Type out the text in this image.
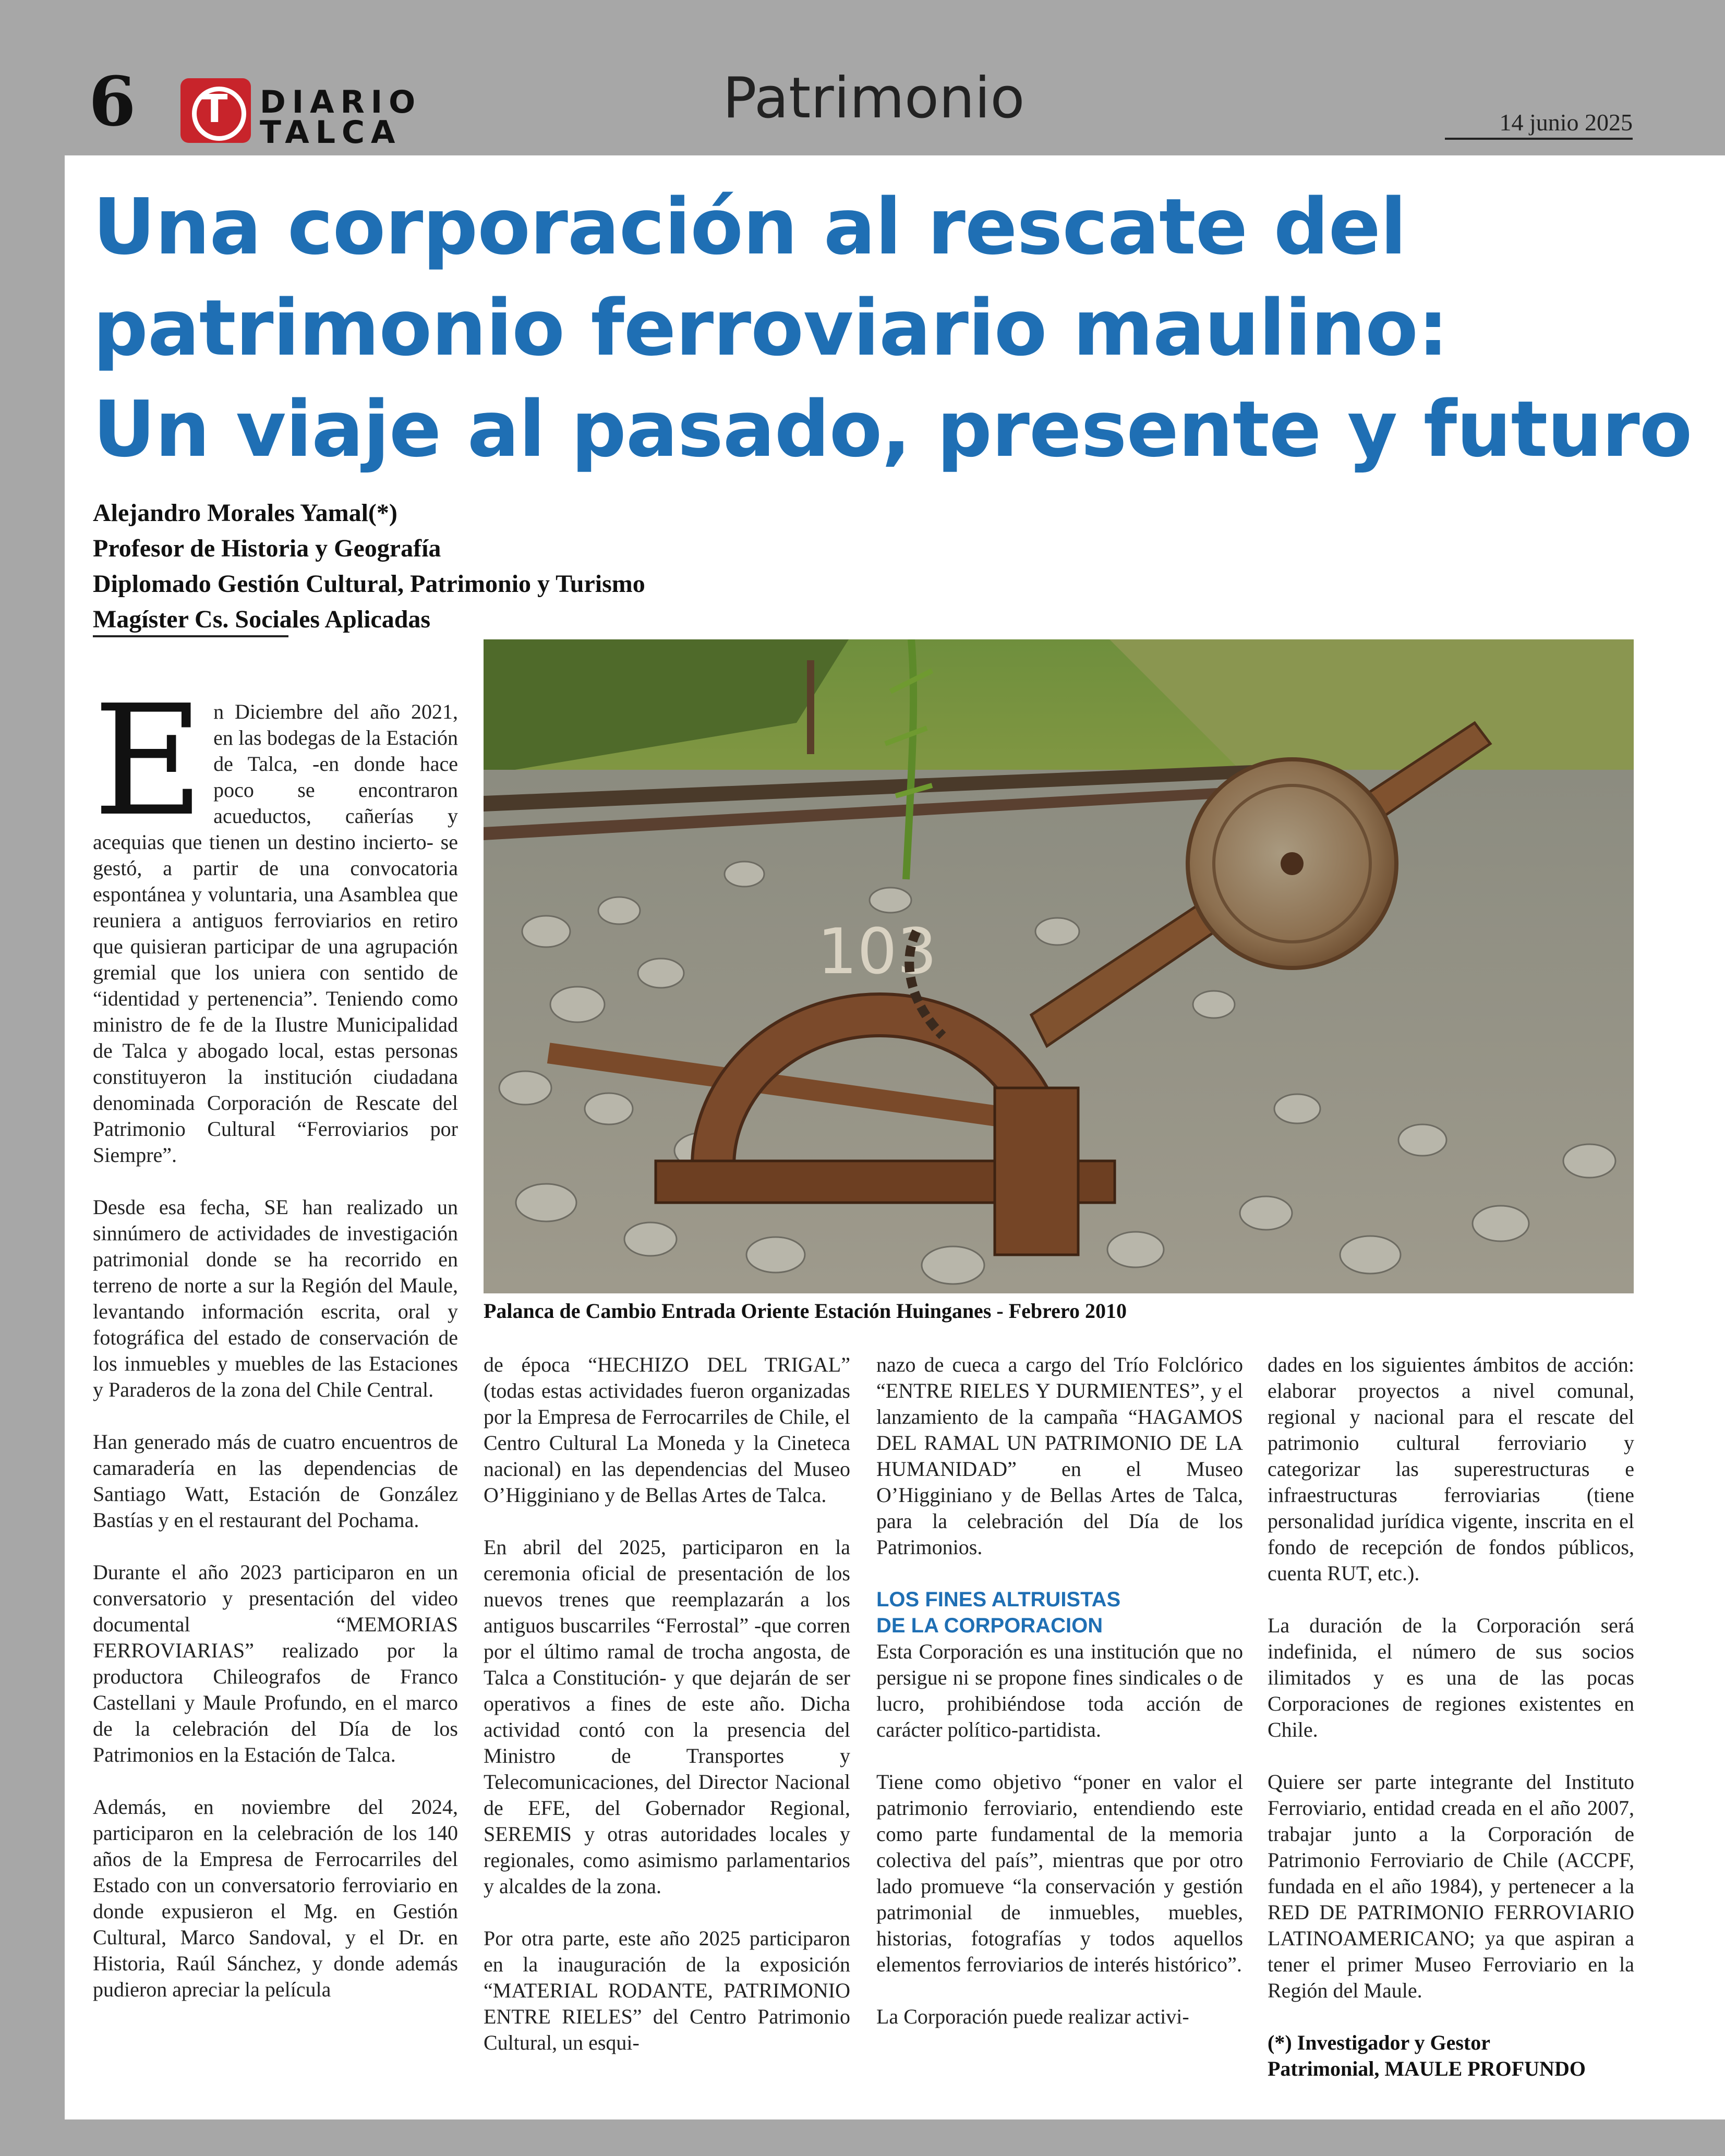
6 T DIARIO
TALCA
Patrimonio	14 junio 2025
Una corporación al rescate del
patrimonio ferroviario maulino:
Un viaje al pasado, presente y futuro
Alejandro Morales Yamal(*)
Profesor de Historia y Geografía
Diplomado Gestión Cultural, Patrimonio y Turismo
Magíster Cs. Sociales Aplicadas
103
Palanca de Cambio Entrada Oriente Estación Huinganes - Febrero 2010

En Diciembre del año 2021, en las bodegas de la Estación de Talca, -en donde hace poco se encontraron acueductos, cañerías y acequias que tienen un destino incierto- se gestó, a partir de una convocatoria espontánea y voluntaria, una Asamblea que reuniera a antiguos ferroviarios en retiro que quisieran participar de una agrupación gremial que los uniera con sentido de “identidad y pertenencia”. Teniendo como ministro de fe de la Ilustre Municipalidad de Talca y abogado local, estas personas constituyeron la institución ciudadana denominada Corporación de Rescate del Patrimonio Cultural “Ferroviarios por Siempre”.

Desde esa fecha, SE han realizado un sinnúmero de actividades de investigación patrimonial donde se ha recorrido en terreno de norte a sur la Región del Maule, levantando información escrita, oral y fotográfica del estado de conservación de los inmuebles y muebles de las Estaciones y Paraderos de la zona del Chile Central.

Han generado más de cuatro encuentros de camaradería en las dependencias de Santiago Watt, Estación de González Bastías y en el restaurant del Pochama.

Durante el año 2023 participaron en un conversatorio y presentación del video documental “MEMORIAS FERROVIARIAS” realizado por la productora Chileografos de Franco Castellani y Maule Profundo, en el marco de la celebración del Día de los Patrimonios en la Estación de Talca.

Además, en noviembre del 2024, participaron en la celebración de los 140 años de la Empresa de Ferrocarriles del Estado con un conversatorio ferroviario en donde expusieron el Mg. en Gestión Cultural, Marco Sandoval, y el Dr. en Historia, Raúl Sánchez, y donde además pudieron apreciar la película

de época “HECHIZO DEL TRIGAL” (todas estas actividades fueron organizadas por la Empresa de Ferrocarriles de Chile, el Centro Cultural La Moneda y la Cineteca nacional) en las dependencias del Museo O’Higginiano y de Bellas Artes de Talca.

En abril del 2025, participaron en la ceremonia oficial de presentación de los nuevos trenes que reemplazarán a los antiguos buscarriles “Ferrostal” -que corren por el último ramal de trocha angosta, de Talca a Constitución- y que dejarán de ser operativos a fines de este año. Dicha actividad contó con la presencia del Ministro de Transportes y Telecomunicaciones, del Director Nacional de EFE, del Gobernador Regional, SEREMIS y otras autoridades locales y regionales, como asimismo parlamentarios y alcaldes de la zona.

Por otra parte, este año 2025 participaron en la inauguración de la exposición “MATERIAL RODANTE, PATRIMONIO ENTRE RIELES” del Centro Patrimonio Cultural, un esqui-

nazo de cueca a cargo del Trío Folclórico “ENTRE RIELES Y DURMIENTES”, y el lanzamiento de la campaña “HAGAMOS DEL RAMAL UN PATRIMONIO DE LA HUMANIDAD” en el Museo O’Higginiano y de Bellas Artes de Talca, para la celebración del Día de los Patrimonios.

LOS FINES ALTRUISTAS
DE LA CORPORACION

Esta Corporación es una institución que no persigue ni se propone fines sindicales o de lucro, prohibiéndose toda acción de carácter político-partidista.

Tiene como objetivo “poner en valor el patrimonio ferroviario, entendiendo este como parte fundamental de la memoria colectiva del país”, mientras que por otro lado promueve “la conservación y gestión patrimonial de inmuebles, muebles, historias, fotografías y todos aquellos elementos ferroviarios de interés histórico”.

La Corporación puede realizar activi-

dades en los siguientes ámbitos de acción: elaborar proyectos a nivel comunal, regional y nacional para el rescate del patrimonio cultural ferroviario y categorizar las superestructuras e infraestructuras ferroviarias (tiene personalidad jurídica vigente, inscrita en el fondo de recepción de fondos públicos, cuenta RUT, etc.).

La duración de la Corporación será indefinida, el número de sus socios ilimitados y es una de las pocas Corporaciones de regiones existentes en Chile.

Quiere ser parte integrante del Instituto Ferroviario, entidad creada en el año 2007, trabajar junto a la Corporación de Patrimonio Ferroviario de Chile (ACCPF, fundada en el año 1984), y pertenecer a la RED DE PATRIMONIO FERROVIARIO LATINOAMERICANO; ya que aspiran a tener el primer Museo Ferroviario en la Región del Maule.

(*) Investigador y Gestor
Patrimonial, MAULE PROFUNDO
